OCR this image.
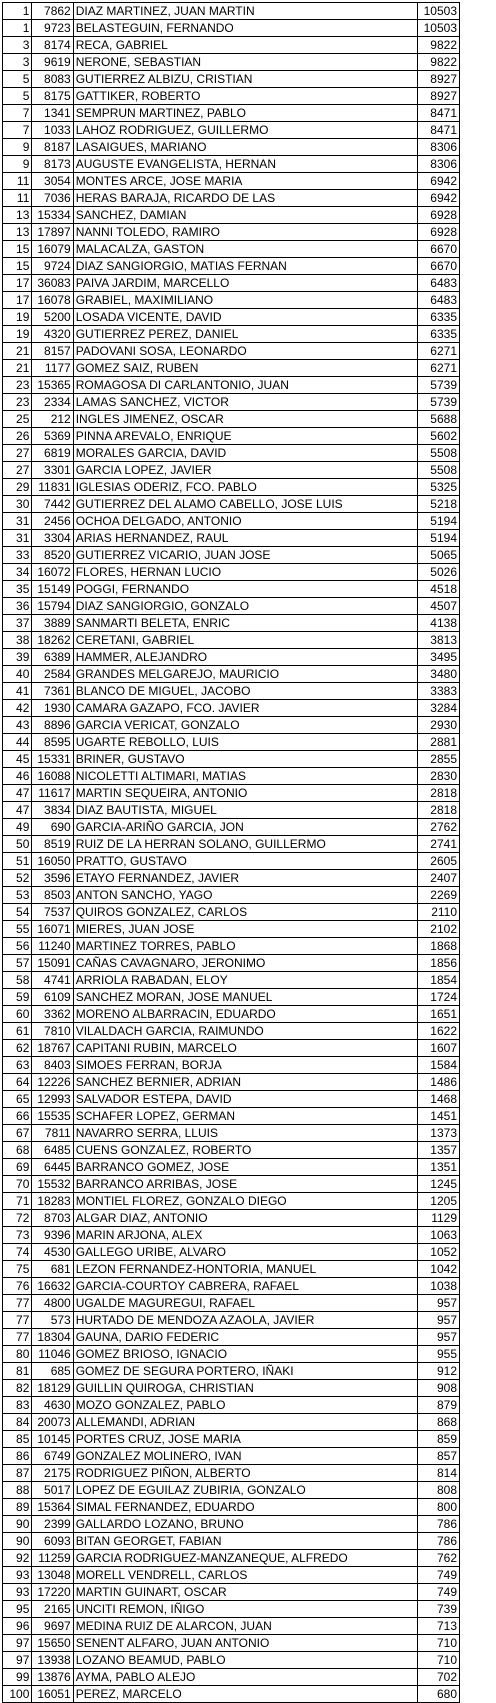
1	7862	DIAZ MARTINEZ, JUAN MARTIN	10503
1	9723	BELASTEGUIN, FERNANDO	10503
3	8174	RECA, GABRIEL	9822
3	9619	NERONE, SEBASTIAN	9822
5	8083	GUTIERREZ ALBIZU, CRISTIAN	8927
5	8175	GATTIKER, ROBERTO	8927
7	1341	SEMPRUN MARTINEZ, PABLO	8471
7	1033	LAHOZ RODRIGUEZ, GUILLERMO	8471
9	8187	LASAIGUES, MARIANO	8306
9	8173	AUGUSTE EVANGELISTA, HERNAN	8306
11	3054	MONTES ARCE, JOSE MARIA	6942
11	7036	HERAS BARAJA, RICARDO DE LAS	6942
13	15334	SANCHEZ, DAMIAN	6928
13	17897	NANNI TOLEDO, RAMIRO	6928
15	16079	MALACALZA, GASTON	6670
15	9724	DIAZ SANGIORGIO, MATIAS FERNAN	6670
17	36083	PAIVA JARDIM, MARCELLO	6483
17	16078	GRABIEL, MAXIMILIANO	6483
19	5200	LOSADA VICENTE, DAVID	6335
19	4320	GUTIERREZ PEREZ, DANIEL	6335
21	8157	PADOVANI SOSA, LEONARDO	6271
21	1177	GOMEZ SAIZ, RUBEN	6271
23	15365	ROMAGOSA DI CARLANTONIO, JUAN	5739
23	2334	LAMAS SANCHEZ, VICTOR	5739
25	212	INGLES JIMENEZ, OSCAR	5688
26	5369	PINNA AREVALO, ENRIQUE	5602
27	6819	MORALES GARCIA, DAVID	5508
27	3301	GARCIA LOPEZ, JAVIER	5508
29	11831	IGLESIAS ODERIZ, FCO. PABLO	5325
30	7442	GUTIERREZ DEL ALAMO CABELLO, JOSE LUIS	5218
31	2456	OCHOA DELGADO, ANTONIO	5194
31	3304	ARIAS HERNANDEZ, RAUL	5194
33	8520	GUTIERREZ VICARIO, JUAN JOSE	5065
34	16072	FLORES, HERNAN LUCIO	5026
35	15149	POGGI, FERNANDO	4518
36	15794	DIAZ SANGIORGIO, GONZALO	4507
37	3889	SANMARTI BELETA, ENRIC	4138
38	18262	CERETANI, GABRIEL	3813
39	6389	HAMMER, ALEJANDRO	3495
40	2584	GRANDES MELGAREJO, MAURICIO	3480
41	7361	BLANCO DE MIGUEL, JACOBO	3383
42	1930	CAMARA GAZAPO, FCO. JAVIER	3284
43	8896	GARCIA VERICAT, GONZALO	2930
44	8595	UGARTE REBOLLO, LUIS	2881
45	15331	BRINER, GUSTAVO	2855
46	16088	NICOLETTI ALTIMARI, MATIAS	2830
47	11617	MARTIN SEQUEIRA, ANTONIO	2818
47	3834	DIAZ BAUTISTA, MIGUEL	2818
49	690	GARCIA-ARIÑO GARCIA, JON	2762
50	8519	RUIZ DE LA HERRAN SOLANO, GUILLERMO	2741
51	16050	PRATTO, GUSTAVO	2605
52	3596	ETAYO FERNANDEZ, JAVIER	2407
53	8503	ANTON SANCHO, YAGO	2269
54	7537	QUIROS GONZALEZ, CARLOS	2110
55	16071	MIERES, JUAN JOSE	2102
56	11240	MARTINEZ TORRES, PABLO	1868
57	15091	CAÑAS CAVAGNARO, JERONIMO	1856
58	4741	ARRIOLA RABADAN, ELOY	1854
59	6109	SANCHEZ MORAN, JOSE MANUEL	1724
60	3362	MORENO ALBARRACIN, EDUARDO	1651
61	7810	VILALDACH GARCIA, RAIMUNDO	1622
62	18767	CAPITANI RUBIN, MARCELO	1607
63	8403	SIMOES FERRAN, BORJA	1584
64	12226	SANCHEZ BERNIER, ADRIAN	1486
65	12993	SALVADOR ESTEPA, DAVID	1468
66	15535	SCHAFER LOPEZ, GERMAN	1451
67	7811	NAVARRO SERRA, LLUIS	1373
68	6485	CUENS GONZALEZ, ROBERTO	1357
69	6445	BARRANCO GOMEZ, JOSE	1351
70	15532	BARRANCO ARRIBAS, JOSE	1245
71	18283	MONTIEL FLOREZ, GONZALO DIEGO	1205
72	8703	ALGAR DIAZ, ANTONIO	1129
73	9396	MARIN ARJONA, ALEX	1063
74	4530	GALLEGO URIBE, ALVARO	1052
75	681	LEZON FERNANDEZ-HONTORIA, MANUEL	1042
76	16632	GARCIA-COURTOY CABRERA, RAFAEL	1038
77	4800	UGALDE MAGUREGUI, RAFAEL	957
77	573	HURTADO DE MENDOZA AZAOLA, JAVIER	957
77	18304	GAUNA, DARIO FEDERIC	957
80	11046	GOMEZ BRIOSO, IGNACIO	955
81	685	GOMEZ DE SEGURA PORTERO, IÑAKI	912
82	18129	GUILLIN QUIROGA, CHRISTIAN	908
83	4630	MOZO GONZALEZ, PABLO	879
84	20073	ALLEMANDI, ADRIAN	868
85	10145	PORTES CRUZ, JOSE MARIA	859
86	6749	GONZALEZ MOLINERO, IVAN	857
87	2175	RODRIGUEZ PIÑON, ALBERTO	814
88	5017	LOPEZ DE EGUILAZ ZUBIRIA, GONZALO	808
89	15364	SIMAL FERNANDEZ, EDUARDO	800
90	2399	GALLARDO LOZANO, BRUNO	786
90	6093	BITAN GEORGET, FABIAN	786
92	11259	GARCIA RODRIGUEZ-MANZANEQUE, ALFREDO	762
93	13048	MORELL VENDRELL, CARLOS	749
93	17220	MARTIN GUINART, OSCAR	749
95	2165	UNCITI REMON, IÑIGO	739
96	9697	MEDINA RUIZ DE ALARCON, JUAN	713
97	15650	SENENT ALFARO, JUAN ANTONIO	710
97	13938	LOZANO BEAMUD, PABLO	710
99	13876	AYMA, PABLO ALEJO	702
100	16051	PEREZ, MARCELO	680
